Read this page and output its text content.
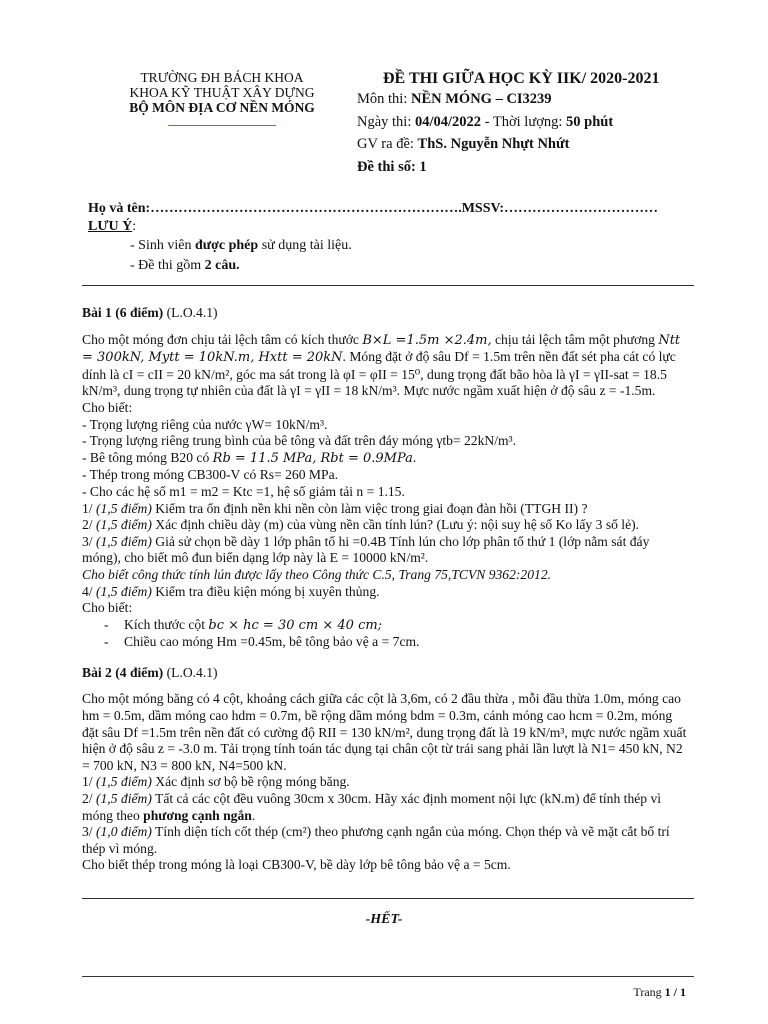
TRƯỜNG ĐH BÁCH KHOA
KHOA KỸ THUẬT XÂY DỰNG
BỘ MÔN ĐỊA CƠ NỀN MÓNG
ĐỀ THI GIỮA HỌC KỲ IIK/ 2020-2021
Môn thi: NỀN MÓNG – CI3239
Ngày thi: 04/04/2022 - Thời lượng: 50 phút
GV ra đề: ThS. Nguyễn Nhựt Nhứt
Đề thi số: 1
Họ và tên:………………………………………………………….MSSV:……………………………
LƯU Ý:
- Sinh viên được phép sử dụng tài liệu.
- Đề thi gồm 2 câu.

Bài 1 (6 điểm) (L.O.4.1)

Cho một móng đơn chịu tải lệch tâm có kích thước B×L =1.5m ×2.4m, chịu tải lệch tâm một phương Ntt = 300kN, Mytt = 10kN.m, Hxtt = 20kN. Móng đặt ở độ sâu Df = 1.5m trên nền đất sét pha cát có lực dính là cI = cII = 20 kN/m², góc ma sát trong là φI = φII = 15⁰, dung trọng đất bão hòa là γI = γII-sat = 18.5 kN/m³, dung trọng tự nhiên của đất là γI = γII = 18 kN/m³. Mực nước ngầm xuất hiện ở độ sâu z = -1.5m.

Cho biết:

- Trọng lượng riêng của nước γW= 10kN/m³.

- Trọng lượng riêng trung bình của bê tông và đất trên đáy móng γtb= 22kN/m³.

- Bê tông móng B20 có Rb = 11.5 MPa, Rbt = 0.9MPa.

- Thép trong móng CB300-V có Rs= 260 MPa.

- Cho các hệ số m1 = m2 = Ktc =1, hệ số giảm tải n = 1.15.

1/ (1,5 điểm) Kiểm tra ổn định nền khi nền còn làm việc trong giai đoạn đàn hồi (TTGH II) ?

2/ (1,5 điểm) Xác định chiều dày (m) của vùng nền cần tính lún? (Lưu ý: nội suy hệ số Ko lấy 3 số lẻ).

3/ (1,5 điểm) Giả sử chọn bề dày 1 lớp phân tố hi =0.4B Tính lún cho lớp phân tố thứ 1 (lớp nằm sát đáy móng), cho biết mô đun biến dạng lớp này là E = 10000 kN/m².

Cho biết công thức tính lún được lấy theo Công thức C.5, Trang 75,TCVN 9362:2012.

4/ (1,5 điểm) Kiểm tra điều kiện móng bị xuyên thủng.

Cho biết:

- Kích thước cột bc × hc = 30 cm × 40 cm;
- Chiều cao móng Hm =0.45m, bê tông bảo vệ a = 7cm.

Bài 2 (4 điểm) (L.O.4.1)

Cho một móng băng có 4 cột, khoảng cách giữa các cột là 3,6m, có 2 đầu thừa , mỗi đầu thừa 1.0m, móng cao hm = 0.5m, dầm móng cao hdm = 0.7m, bề rộng dầm móng bdm = 0.3m, cánh móng cao hcm = 0.2m, móng đặt sâu Df =1.5m trên nền đất có cường độ RII = 130 kN/m², dung trọng đất là 19 kN/m³, mực nước ngầm xuất hiện ở độ sâu z = -3.0 m. Tải trọng tính toán tác dụng tại chân cột từ trái sang phải lần lượt là N1= 450 kN, N2 = 700 kN, N3 = 800 kN, N4=500 kN.

1/ (1,5 điểm) Xác định sơ bộ bề rộng móng băng.

2/ (1,5 điểm) Tất cả các cột đều vuông 30cm x 30cm. Hãy xác định moment nội lực (kN.m) để tính thép vì móng theo phương cạnh ngắn.

3/ (1,0 điểm) Tính diện tích cốt thép (cm²) theo phương cạnh ngắn của móng. Chọn thép và vẽ mặt cắt bố trí thép vì móng.

Cho biết thép trong móng là loại CB300-V, bề dày lớp bê tông bảo vệ a = 5cm.

-HẾT-
Trang 1 / 1
